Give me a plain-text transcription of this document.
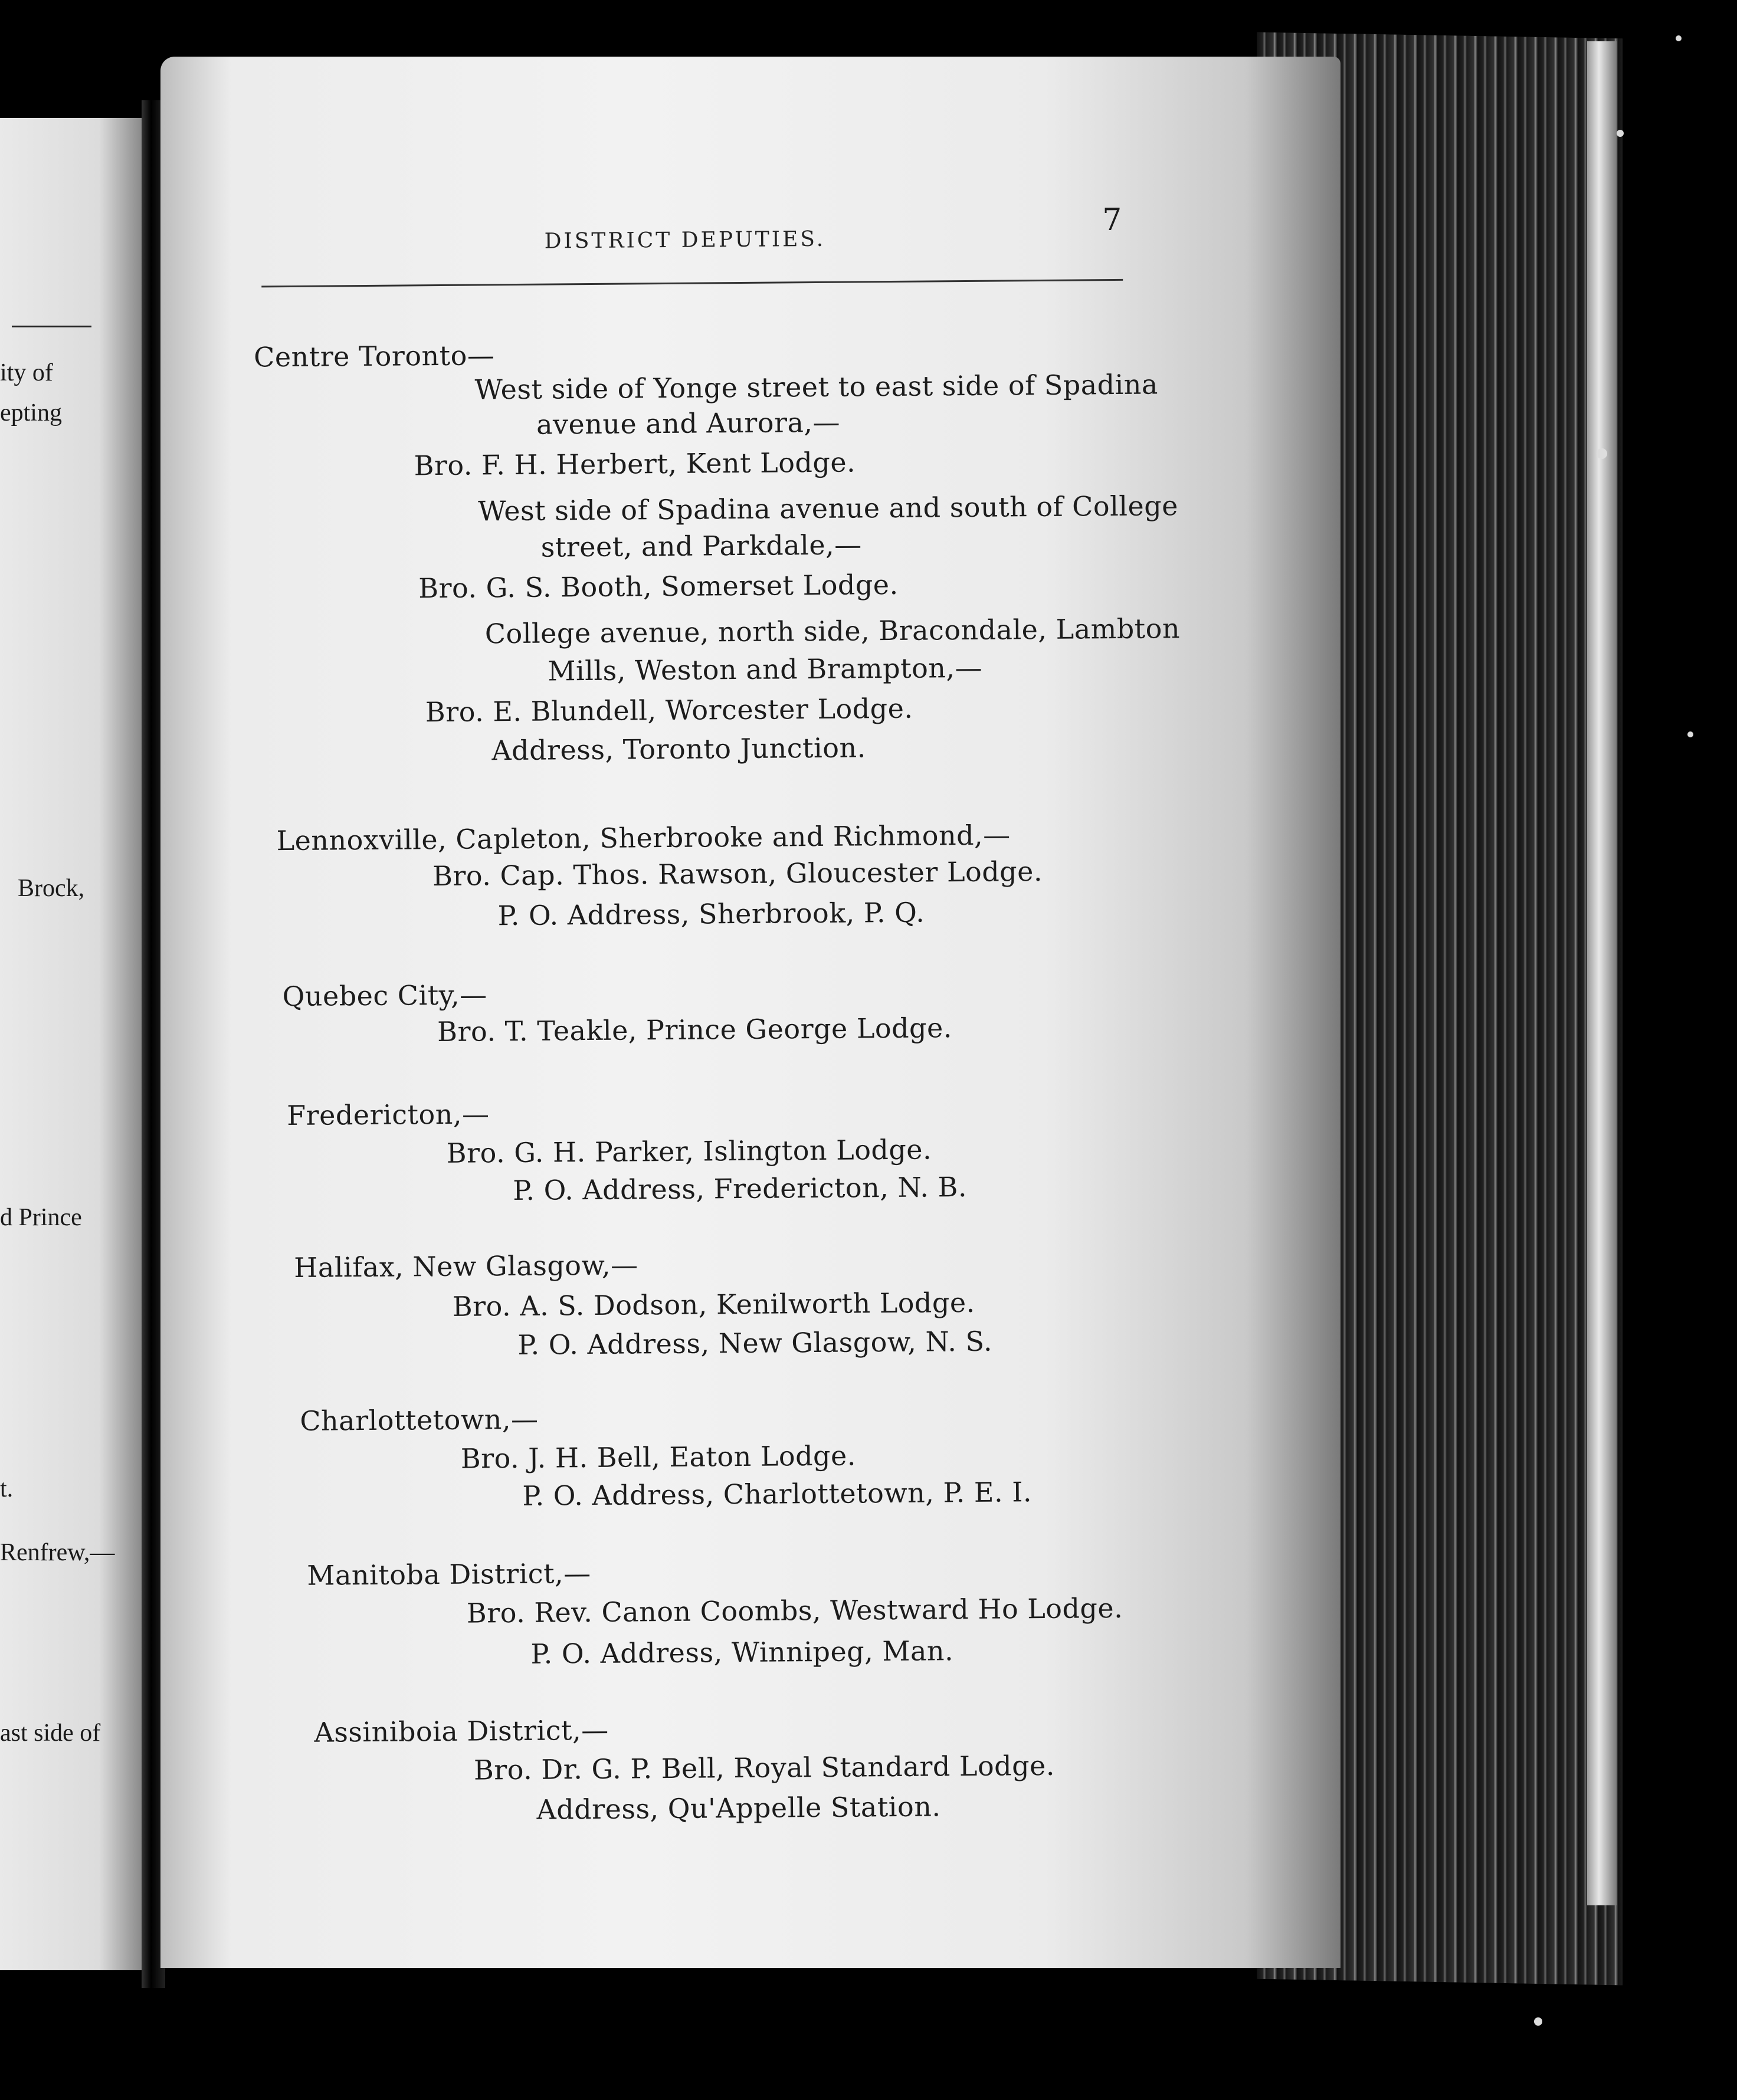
ity of
epting
Brock,
d Prince
t.
Renfrew,—
ast side of
DISTRICT DEPUTIES.
7
Centre Toronto—
West side of Yonge street to east side of Spadina
avenue and Aurora,—
Bro. F. H. Herbert, Kent Lodge.
West side of Spadina avenue and south of College
street, and Parkdale,—
Bro. G. S. Booth, Somerset Lodge.
College avenue, north side, Bracondale, Lambton
Mills, Weston and Brampton,—
Bro. E. Blundell, Worcester Lodge.
Address, Toronto Junction.
Lennoxville, Capleton, Sherbrooke and Richmond,—
Bro. Cap. Thos. Rawson, Gloucester Lodge.
P. O. Address, Sherbrook, P. Q.
Quebec City,—
Bro. T. Teakle, Prince George Lodge.
Fredericton,—
Bro. G. H. Parker, Islington Lodge.
P. O. Address, Fredericton, N. B.
Halifax, New Glasgow,—
Bro. A. S. Dodson, Kenilworth Lodge.
P. O. Address, New Glasgow, N. S.
Charlottetown,—
Bro. J. H. Bell, Eaton Lodge.
P. O. Address, Charlottetown, P. E. I.
Manitoba District,—
Bro. Rev. Canon Coombs, Westward Ho Lodge.
P. O. Address, Winnipeg, Man.
Assiniboia District,—
Bro. Dr. G. P. Bell, Royal Standard Lodge.
Address, Qu'Appelle Station.
